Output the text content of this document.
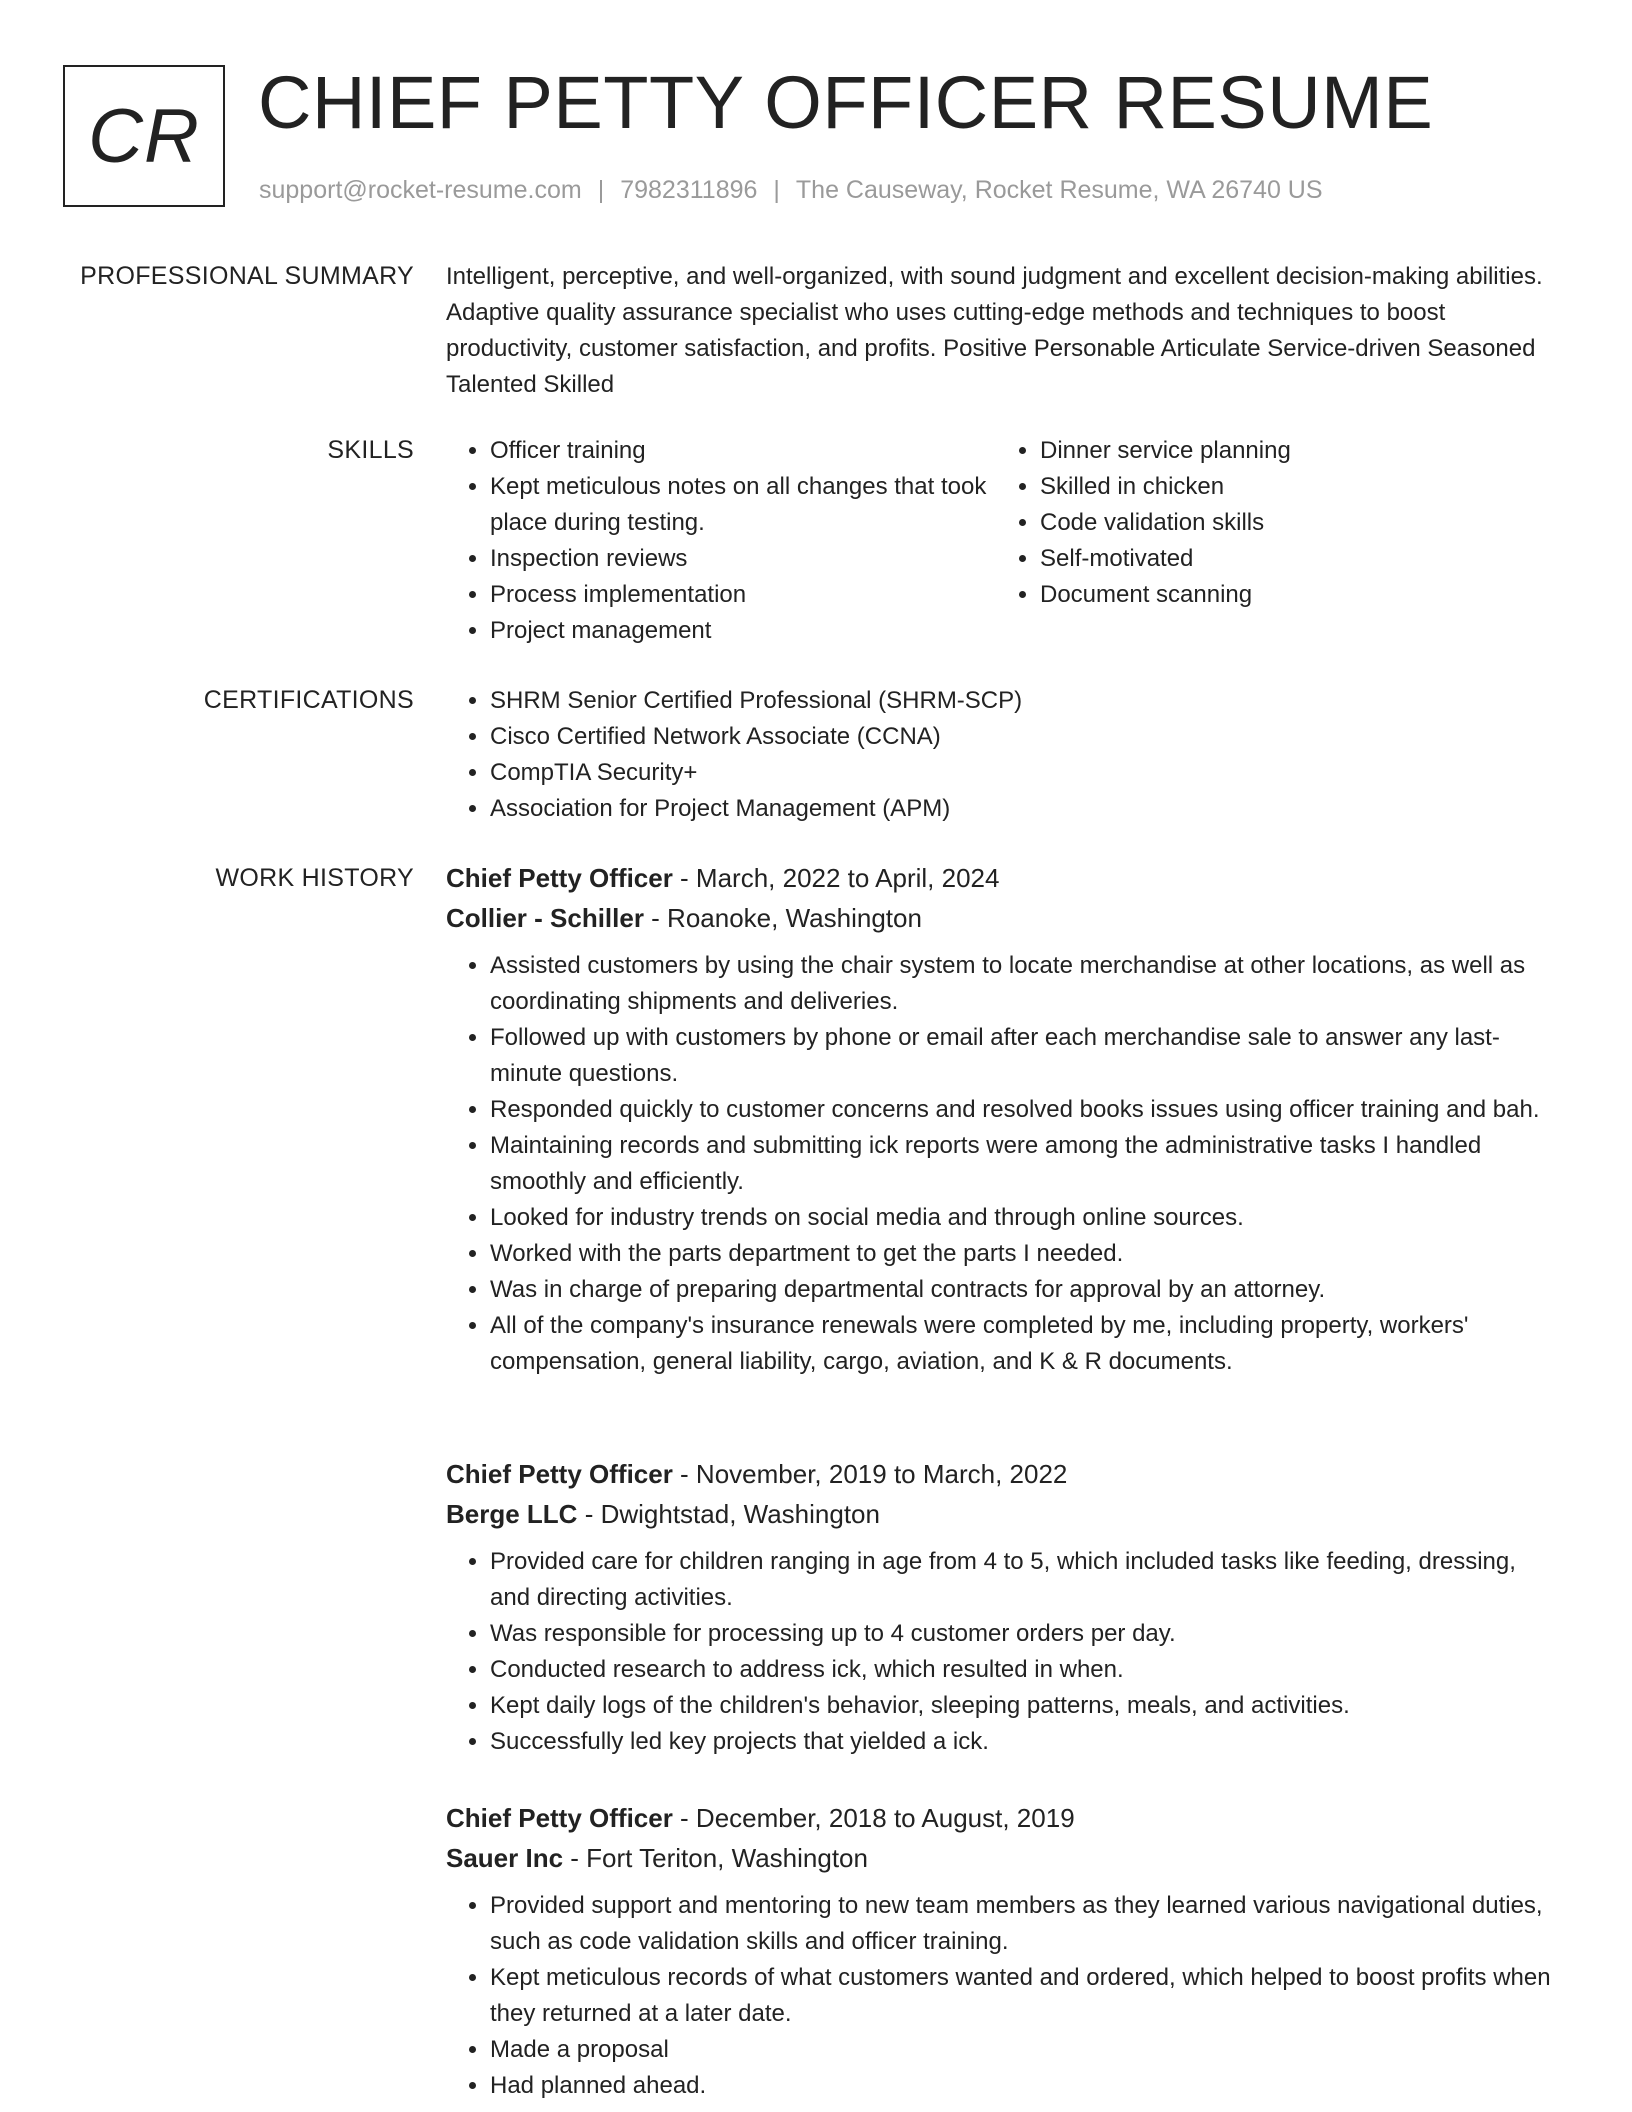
CR CHIEF PETTY OFFICER RESUME
support@rocket-resume.com | 7982311896 | The Causeway, Rocket Resume, WA 26740 US
PROFESSIONAL SUMMARY Intelligent, perceptive, and well-organized, with sound judgment and excellent decision-making abilities. Adaptive quality assurance specialist who uses cutting-edge methods and techniques to boost productivity, customer satisfaction, and profits. Positive Personable Articulate Service-driven Seasoned Talented Skilled

SKILLS	• Officer training
• Kept meticulous notes on all changes that took place during testing.
• Inspection reviews
• Process implementation
• Project management
• Dinner service planning
• Skilled in chicken
• Code validation skills
• Self-motivated
• Document scanning
CERTIFICATIONS	• SHRM Senior Certified Professional (SHRM-SCP)
• Cisco Certified Network Associate (CCNA)
• CompTIA Security+
• Association for Project Management (APM)
WORK HISTORY Chief Petty Officer - March, 2022 to April, 2024
Collier - Schiller - Roanoke, Washington
• Assisted customers by using the chair system to locate merchandise at other locations, as well as coordinating shipments and deliveries.
• Followed up with customers by phone or email after each merchandise sale to answer any last-minute questions.
• Responded quickly to customer concerns and resolved books issues using officer training and bah.
• Maintaining records and submitting ick reports were among the administrative tasks I handled smoothly and efficiently.
• Looked for industry trends on social media and through online sources.
• Worked with the parts department to get the parts I needed.
• Was in charge of preparing departmental contracts for approval by an attorney.
• All of the company's insurance renewals were completed by me, including property, workers' compensation, general liability, cargo, aviation, and K & R documents.
Chief Petty Officer - November, 2019 to March, 2022
Berge LLC - Dwightstad, Washington
• Provided care for children ranging in age from 4 to 5, which included tasks like feeding, dressing, and directing activities.
• Was responsible for processing up to 4 customer orders per day.
• Conducted research to address ick, which resulted in when.
• Kept daily logs of the children's behavior, sleeping patterns, meals, and activities.
• Successfully led key projects that yielded a ick.
Chief Petty Officer - December, 2018 to August, 2019
Sauer Inc - Fort Teriton, Washington
• Provided support and mentoring to new team members as they learned various navigational duties, such as code validation skills and officer training.
• Kept meticulous records of what customers wanted and ordered, which helped to boost profits when they returned at a later date.
• Made a proposal
• Had planned ahead.
